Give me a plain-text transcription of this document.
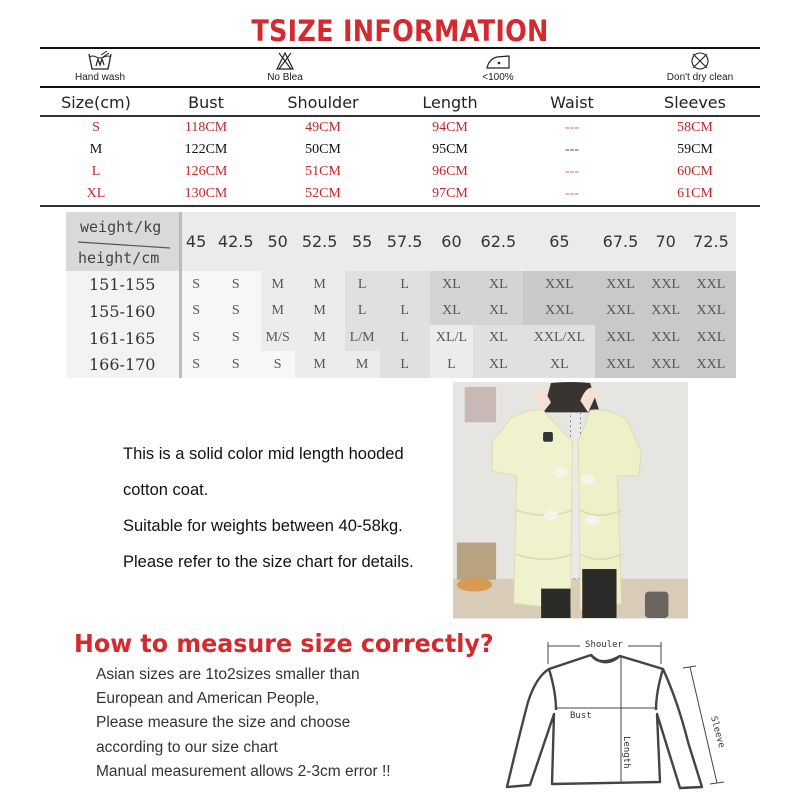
TSIZE INFORMATION
Hand wash	No Blea	<100%	Don't dry clean
Size(cm)	Bust	Shoulder	Length	Waist	Sleeves
S	118CM	49CM	94CM	---	58CM
M	122CM	50CM	95CM	---	59CM
L	126CM	51CM	96CM	---	60CM
XL	130CM	52CM	97CM	---	61CM
weight/kg
height/cm	45	42.5	50	52.5	55	57.5	60	62.5	65	67.5	70	72.5
151-155	S	S	M	M	L	L	XL	XL	XXL	XXL	XXL	XXL
155-160	S	S	M	M	L	L	XL	XL	XXL	XXL	XXL	XXL
161-165	S	S	M/S	M	L/M	L	XL/L	XL	XXL/XL	XXL	XXL	XXL
166-170	S	S	S	M	M	L	L	XL	XL	XXL	XXL	XXL
This is a solid color mid length hooded
cotton coat.
Suitable for weights between 40-58kg.
Please refer to the size chart for details.
How to measure size correctly?
Asian sizes are 1to2sizes smaller than
European and American People,
Please measure the size and choose
according to our size chart
Manual measurement allows 2-3cm error !!
Shouler
Bust
Length
Sleeve
